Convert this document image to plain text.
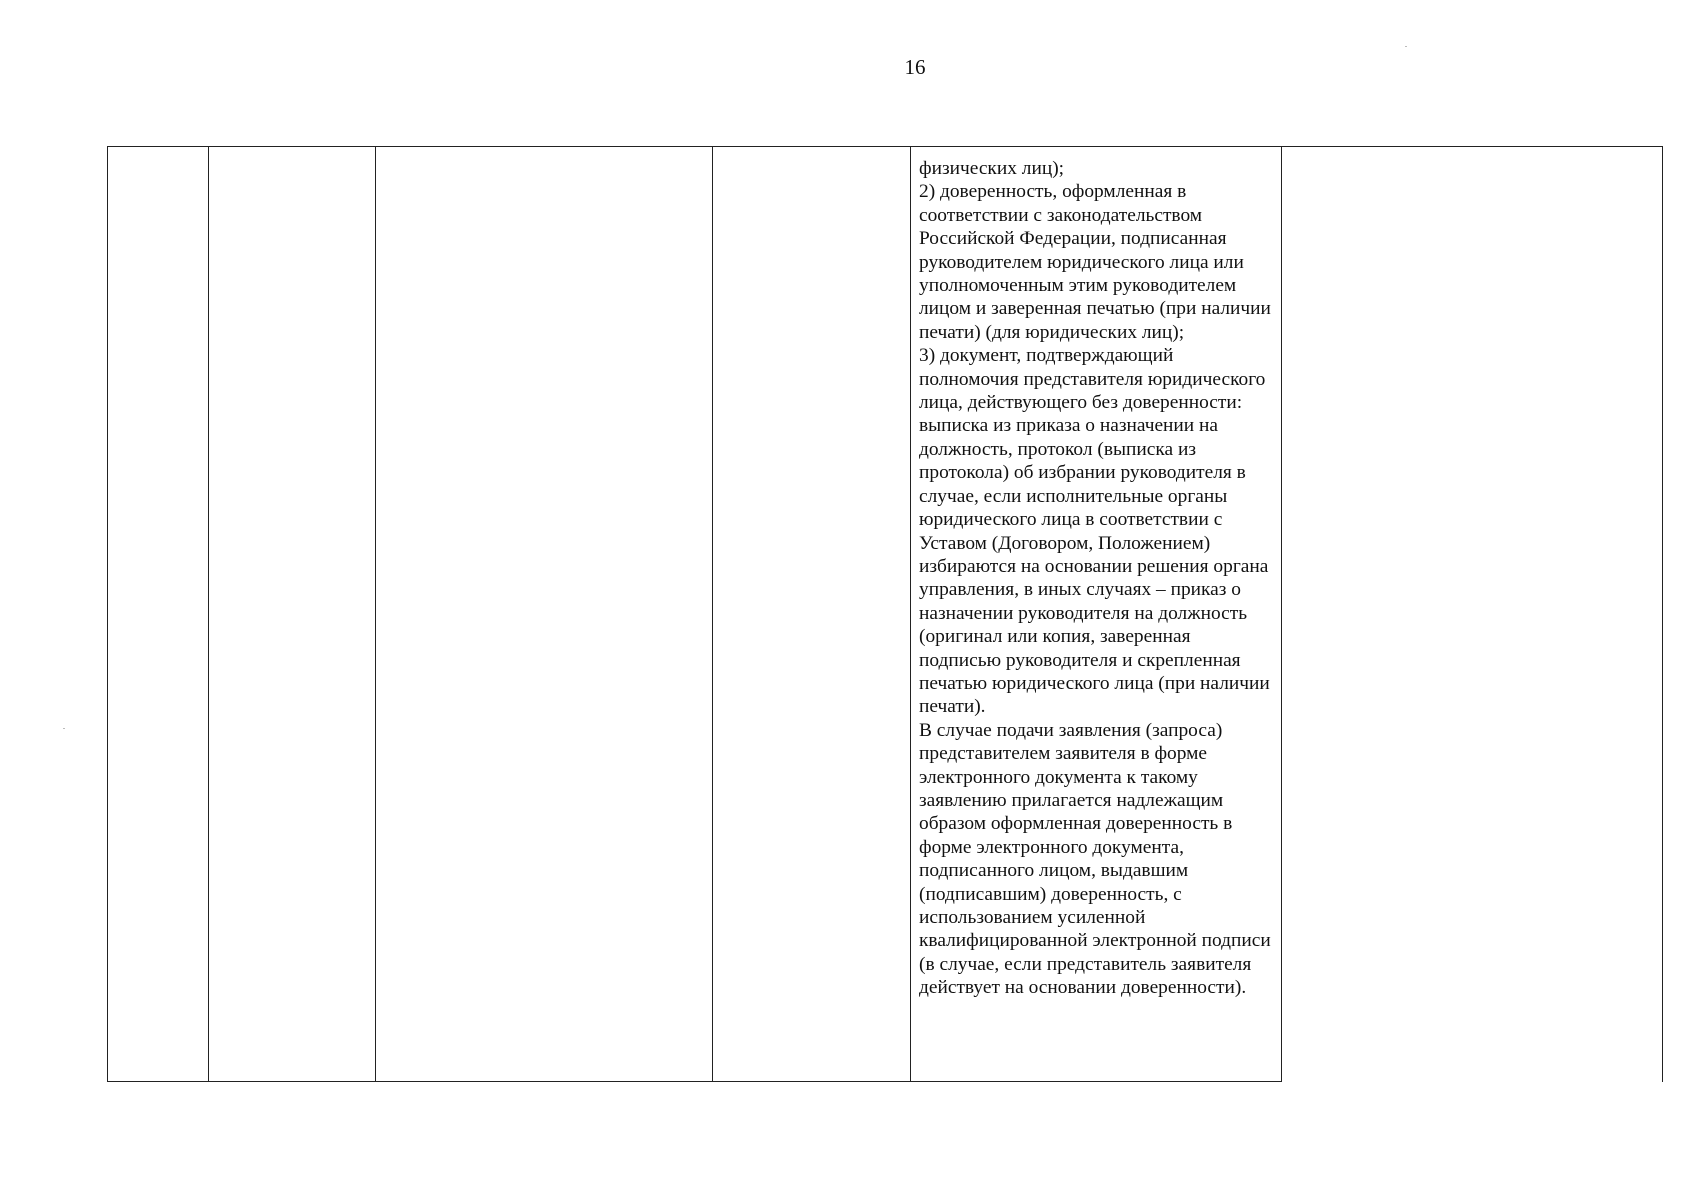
16

физических лиц);

2) доверенность, оформленная в соответствии с законодательством Российской Федерации, подписанная руководителем юридического лица или уполномоченным этим руководителем лицом и заверенная печатью (при наличии печати) (для юридических лиц);

3) документ, подтверждающий полномочия представителя юридического лица, действующего без доверенности: выписка из приказа о назначении на должность, протокол (выписка из протокола) об избрании руководителя в случае, если исполнительные органы юридического лица в соответствии с Уставом (Договором, Положением) избираются на основании решения органа управления, в иных случаях – приказ о назначении руководителя на должность (оригинал или копия, заверенная подписью руководителя и скрепленная печатью юридического лица (при наличии печати).

В случае подачи заявления (запроса) представителем заявителя в форме электронного документа к такому заявлению прилагается надлежащим образом оформленная доверенность в форме электронного документа, подписанного лицом, выдавшим (подписавшим) доверенность, с использованием усиленной квалифицированной электронной подписи (в случае, если представитель заявителя действует на основании доверенности).
